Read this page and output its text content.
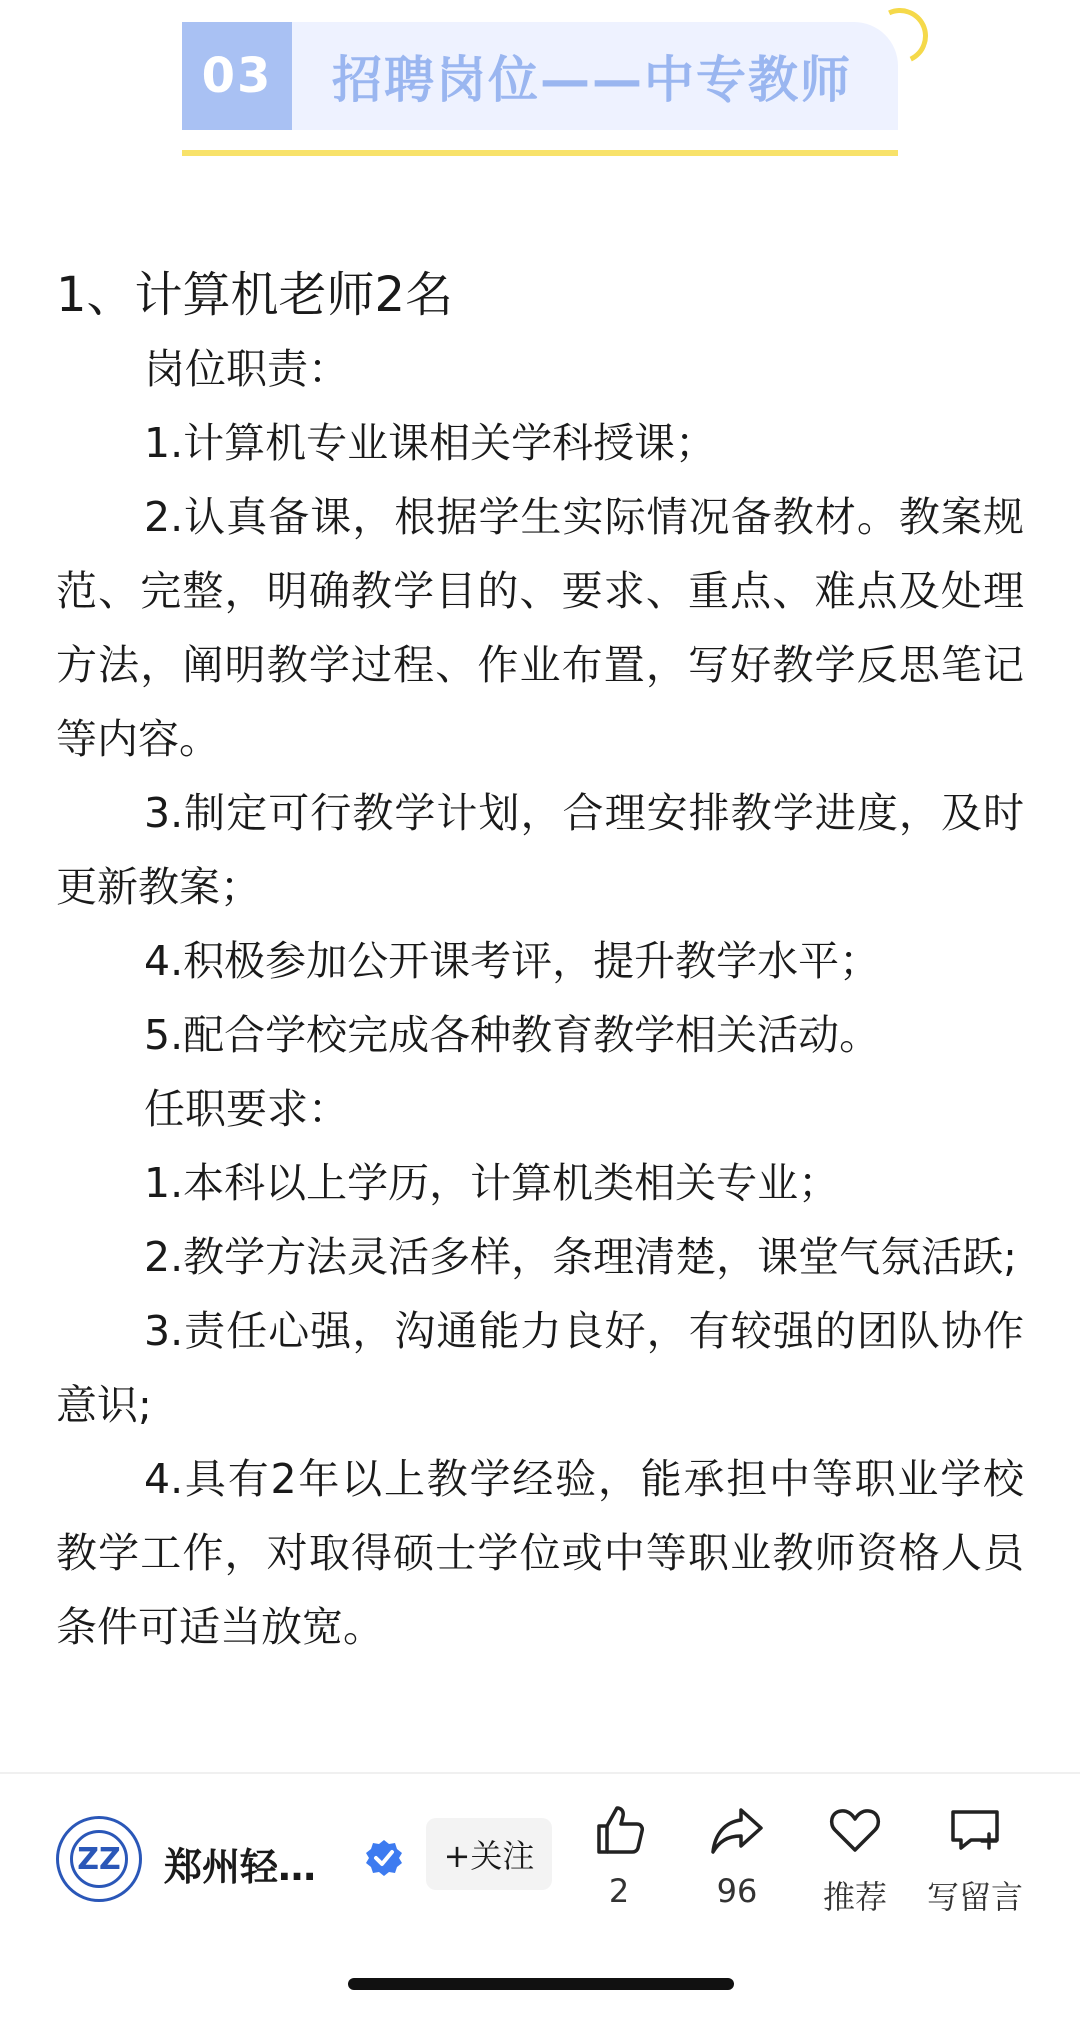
03	招聘岗位——中专教师

1、计算机老师2名

岗位职责：

1.计算机专业课相关学科授课；

2.认真备课，根据学生实际情况备教材。教案规范、完整，明确教学目的、要求、重点、难点及处理方法，阐明教学过程、作业布置，写好教学反思笔记等内容。

3.制定可行教学计划，合理安排教学进度，及时更新教案；

4.积极参加公开课考评，提升教学水平；

5.配合学校完成各种教育教学相关活动。

任职要求：

1.本科以上学历，计算机类相关专业；

2.教学方法灵活多样，条理清楚，课堂气氛活跃;

3.责任心强，沟通能力良好，有较强的团队协作意识;

4.具有2年以上教学经验，能承担中等职业学校教学工作，对取得硕士学位或中等职业教师资格人员条件可适当放宽。

ZZ 郑州轻…	+关注
2	96 推荐 写留言
